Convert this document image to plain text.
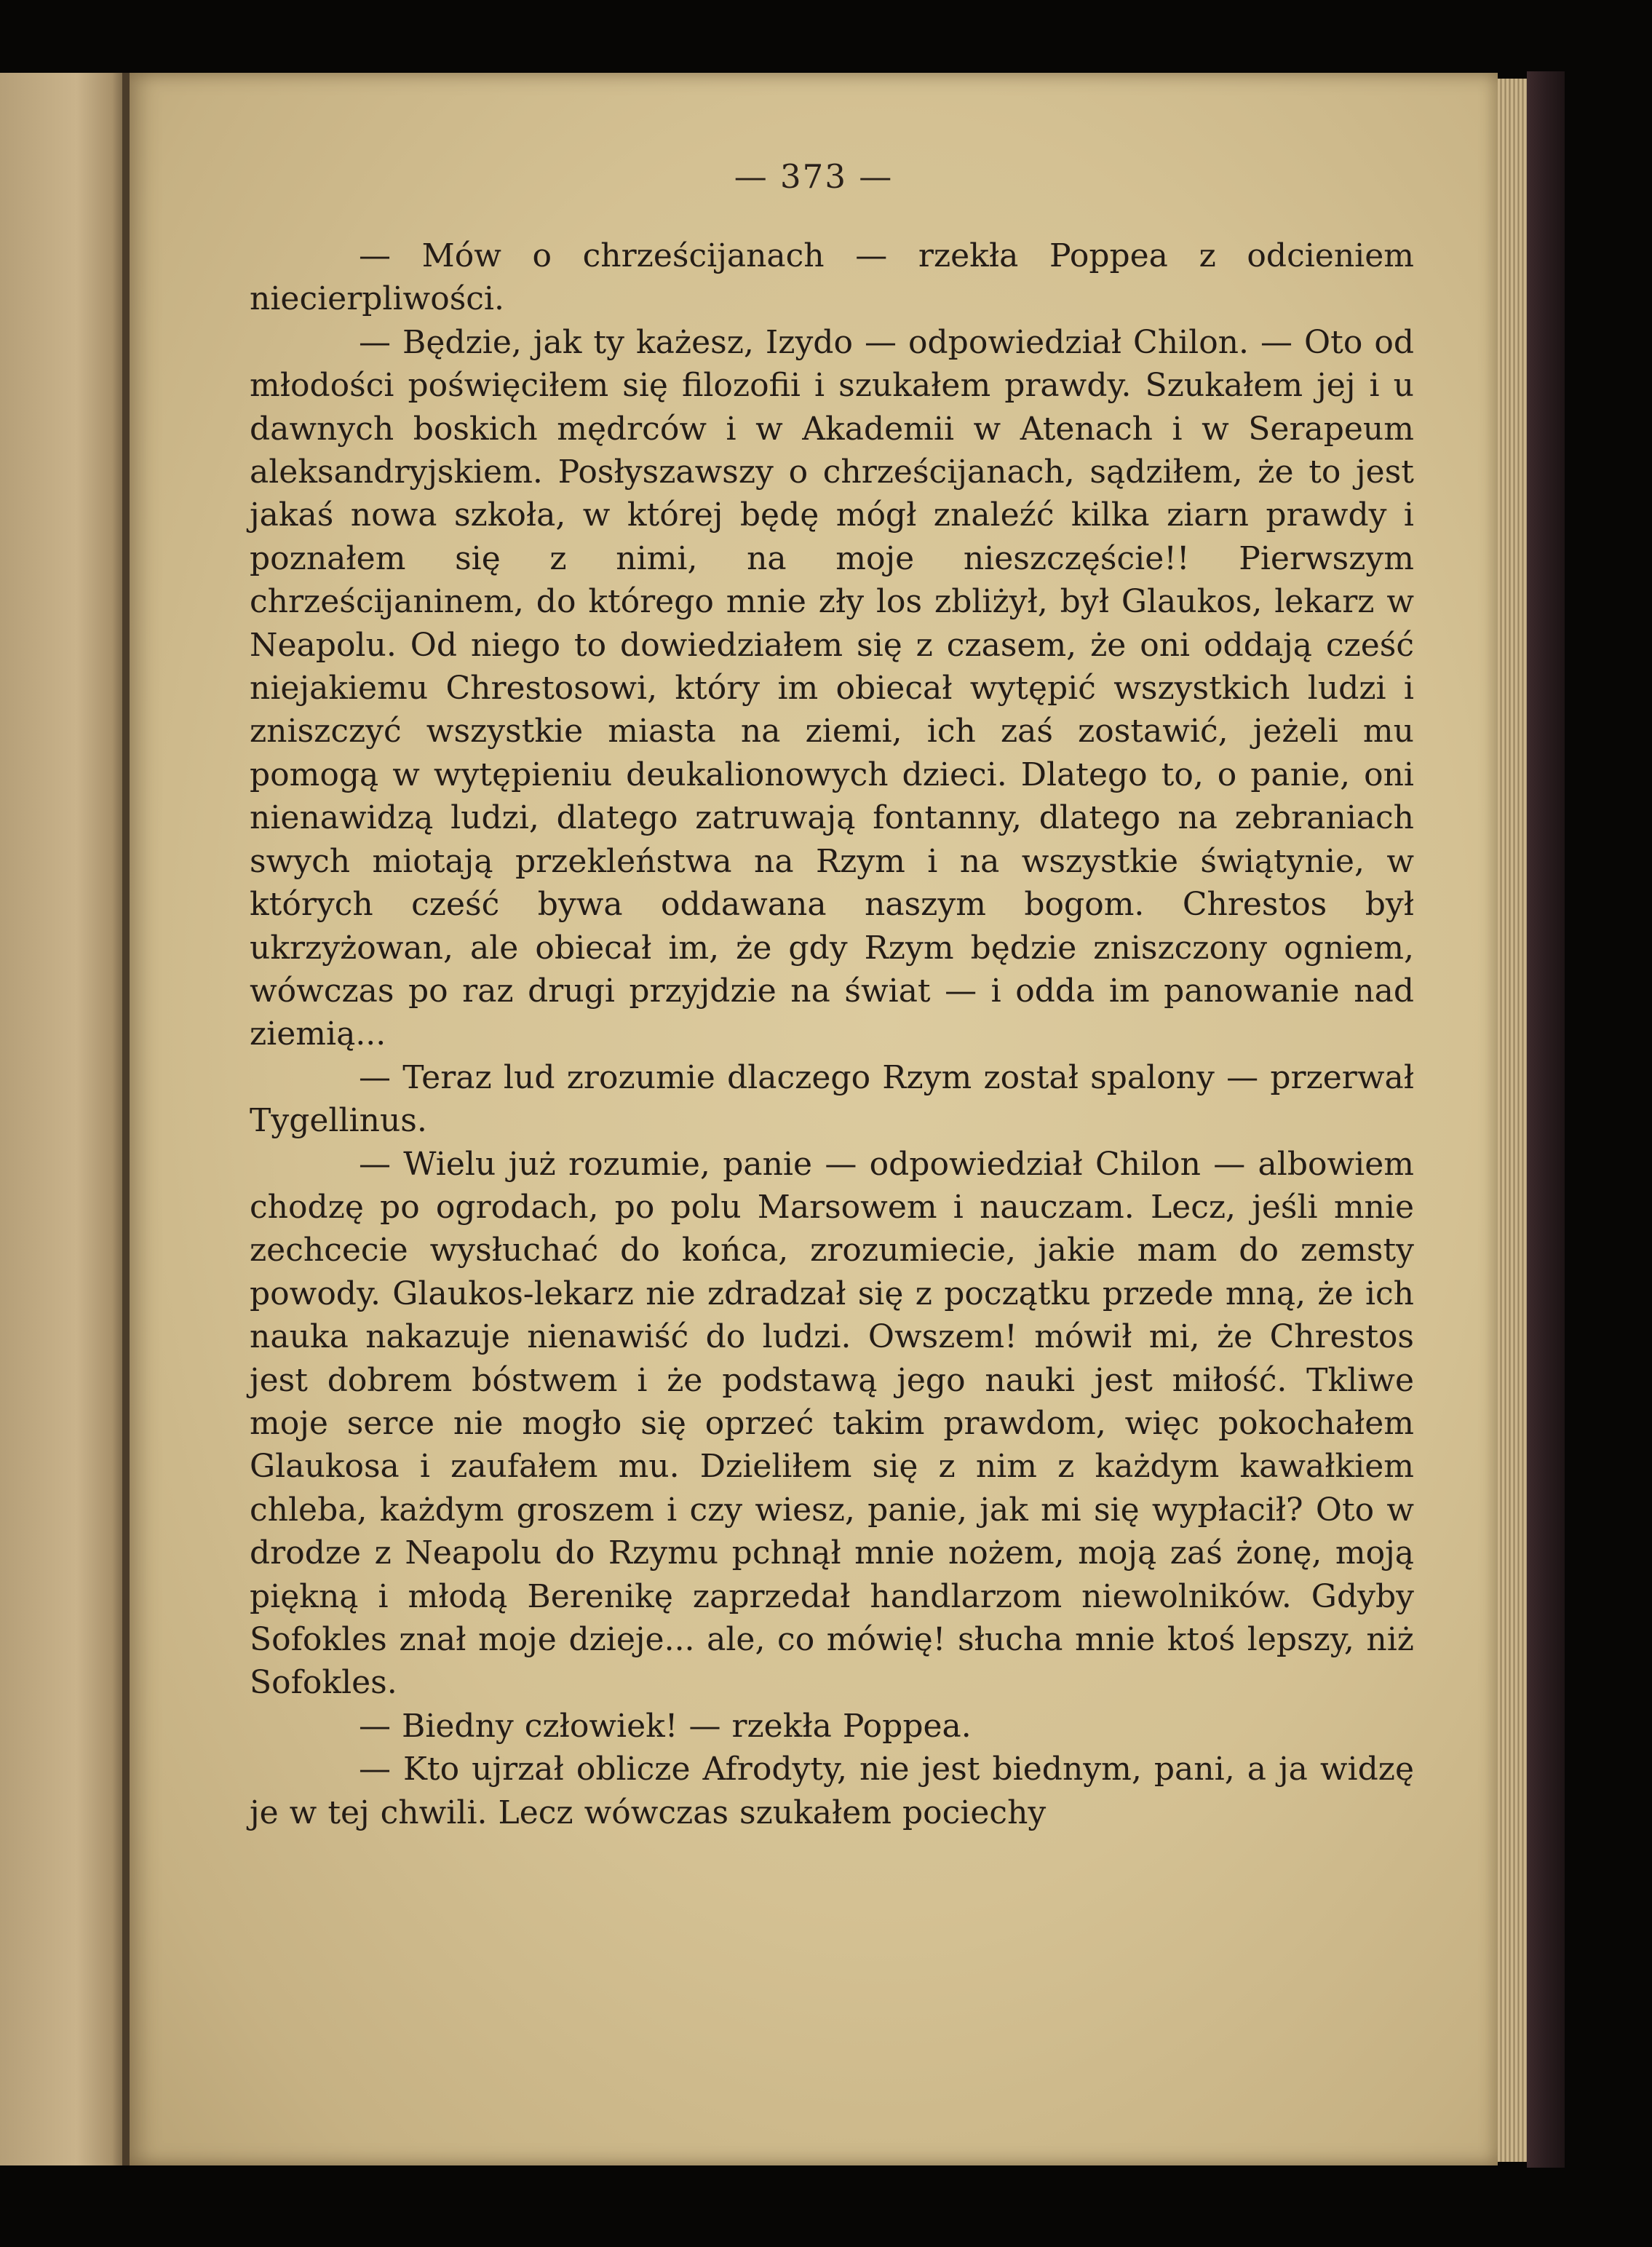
— 373 —

— Mów o chrześcijanach — rzekła Poppea z odcieniem niecierpliwości.

— Będzie, jak ty każesz, Izydo — odpowiedział Chilon. — Oto od młodości poświęciłem się filozofii i szukałem prawdy. Szukałem jej i u dawnych boskich mędrców i w Akademii w Atenach i w Serapeum aleksandryjskiem. Posłyszawszy o chrześcijanach, sądziłem, że to jest jakaś nowa szkoła, w której będę mógł znaleźć kilka ziarn prawdy i poznałem się z nimi, na moje nieszczęście!! Pierwszym chrześcijaninem, do którego mnie zły los zbliżył, był Glaukos, lekarz w Neapolu. Od niego to dowiedziałem się z czasem, że oni oddają cześć niejakiemu Chrestosowi, który im obiecał wytępić wszystkich ludzi i zniszczyć wszystkie miasta na ziemi, ich zaś zostawić, jeżeli mu pomogą w wytępieniu deukalionowych dzieci. Dlatego to, o panie, oni nienawidzą ludzi, dlatego zatruwają fontanny, dlatego na zebraniach swych miotają przekleństwa na Rzym i na wszystkie świątynie, w których cześć bywa oddawana naszym bogom. Chrestos był ukrzyżowan, ale obiecał im, że gdy Rzym będzie zniszczony ogniem, wówczas po raz drugi przyjdzie na świat — i odda im panowanie nad ziemią...

— Teraz lud zrozumie dlaczego Rzym został spalony — przerwał Tygellinus.

— Wielu już rozumie, panie — odpowiedział Chilon — albowiem chodzę po ogrodach, po polu Marsowem i nauczam. Lecz, jeśli mnie zechcecie wysłuchać do końca, zrozumiecie, jakie mam do zemsty powody. Glaukos-lekarz nie zdradzał się z początku przede mną, że ich nauka nakazuje nienawiść do ludzi. Owszem! mówił mi, że Chrestos jest dobrem bóstwem i że podstawą jego nauki jest miłość. Tkliwe moje serce nie mogło się oprzeć takim prawdom, więc pokochałem Glaukosa i zaufałem mu. Dzieliłem się z nim z każdym kawałkiem chleba, każdym groszem i czy wiesz, panie, jak mi się wypłacił? Oto w drodze z Neapolu do Rzymu pchnął mnie nożem, moją zaś żonę, moją piękną i młodą Berenikę zaprzedał handlarzom niewolników. Gdyby Sofokles znał moje dzieje... ale, co mówię! słucha mnie ktoś lepszy, niż Sofokles.

— Biedny człowiek! — rzekła Poppea.

— Kto ujrzał oblicze Afrodyty, nie jest biednym, pani, a ja widzę je w tej chwili. Lecz wówczas szukałem pociechy
